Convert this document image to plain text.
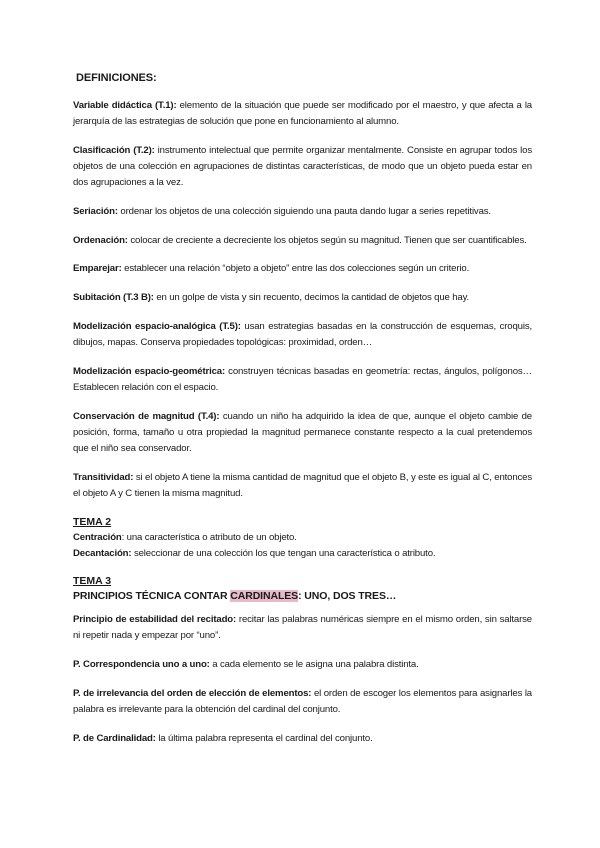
DEFINICIONES:

Variable didáctica (T.1): elemento de la situación que puede ser modificado por el maestro, y que afecta a la jerarquía de las estrategias de solución que pone en funcionamiento al alumno.

Clasificación (T.2): instrumento intelectual que permite organizar mentalmente. Consiste en agrupar todos los objetos de una colección en agrupaciones de distintas características, de modo que un objeto pueda estar en dos agrupaciones a la vez.

Seriación: ordenar los objetos de una colección siguiendo una pauta dando lugar a series repetitivas.

Ordenación: colocar de creciente a decreciente los objetos según su magnitud. Tienen que ser cuantificables.

Emparejar: establecer una relación “objeto a objeto” entre las dos colecciones según un criterio.

Subitación (T.3 B): en un golpe de vista y sin recuento, decimos la cantidad de objetos que hay.

Modelización espacio-analógica (T.5): usan estrategias basadas en la construcción de esquemas, croquis, dibujos, mapas. Conserva propiedades topológicas: proximidad, orden…

Modelización espacio-geométrica: construyen técnicas basadas en geometría: rectas, ángulos, polígonos… Establecen relación con el espacio.

Conservación de magnitud (T.4): cuando un niño ha adquirido la idea de que, aunque el objeto cambie de posición, forma, tamaño u otra propiedad la magnitud permanece constante respecto a la cual pretendemos que el niño sea conservador.

Transitividad: si el objeto A tiene la misma cantidad de magnitud que el objeto B, y este es igual al C, entonces el objeto A y C tienen la misma magnitud.

TEMA 2

Centración: una característica o atributo de un objeto.

Decantación: seleccionar de una colección los que tengan una característica o atributo.

TEMA 3

PRINCIPIOS TÉCNICA CONTAR CARDINALES: UNO, DOS TRES…

Principio de estabilidad del recitado: recitar las palabras numéricas siempre en el mismo orden, sin saltarse ni repetir nada y empezar por “uno”.

P. Correspondencia uno a uno: a cada elemento se le asigna una palabra distinta.

P. de irrelevancia del orden de elección de elementos: el orden de escoger los elementos para asignarles la palabra es irrelevante para la obtención del cardinal del conjunto.

P. de Cardinalidad: la última palabra representa el cardinal del conjunto.
